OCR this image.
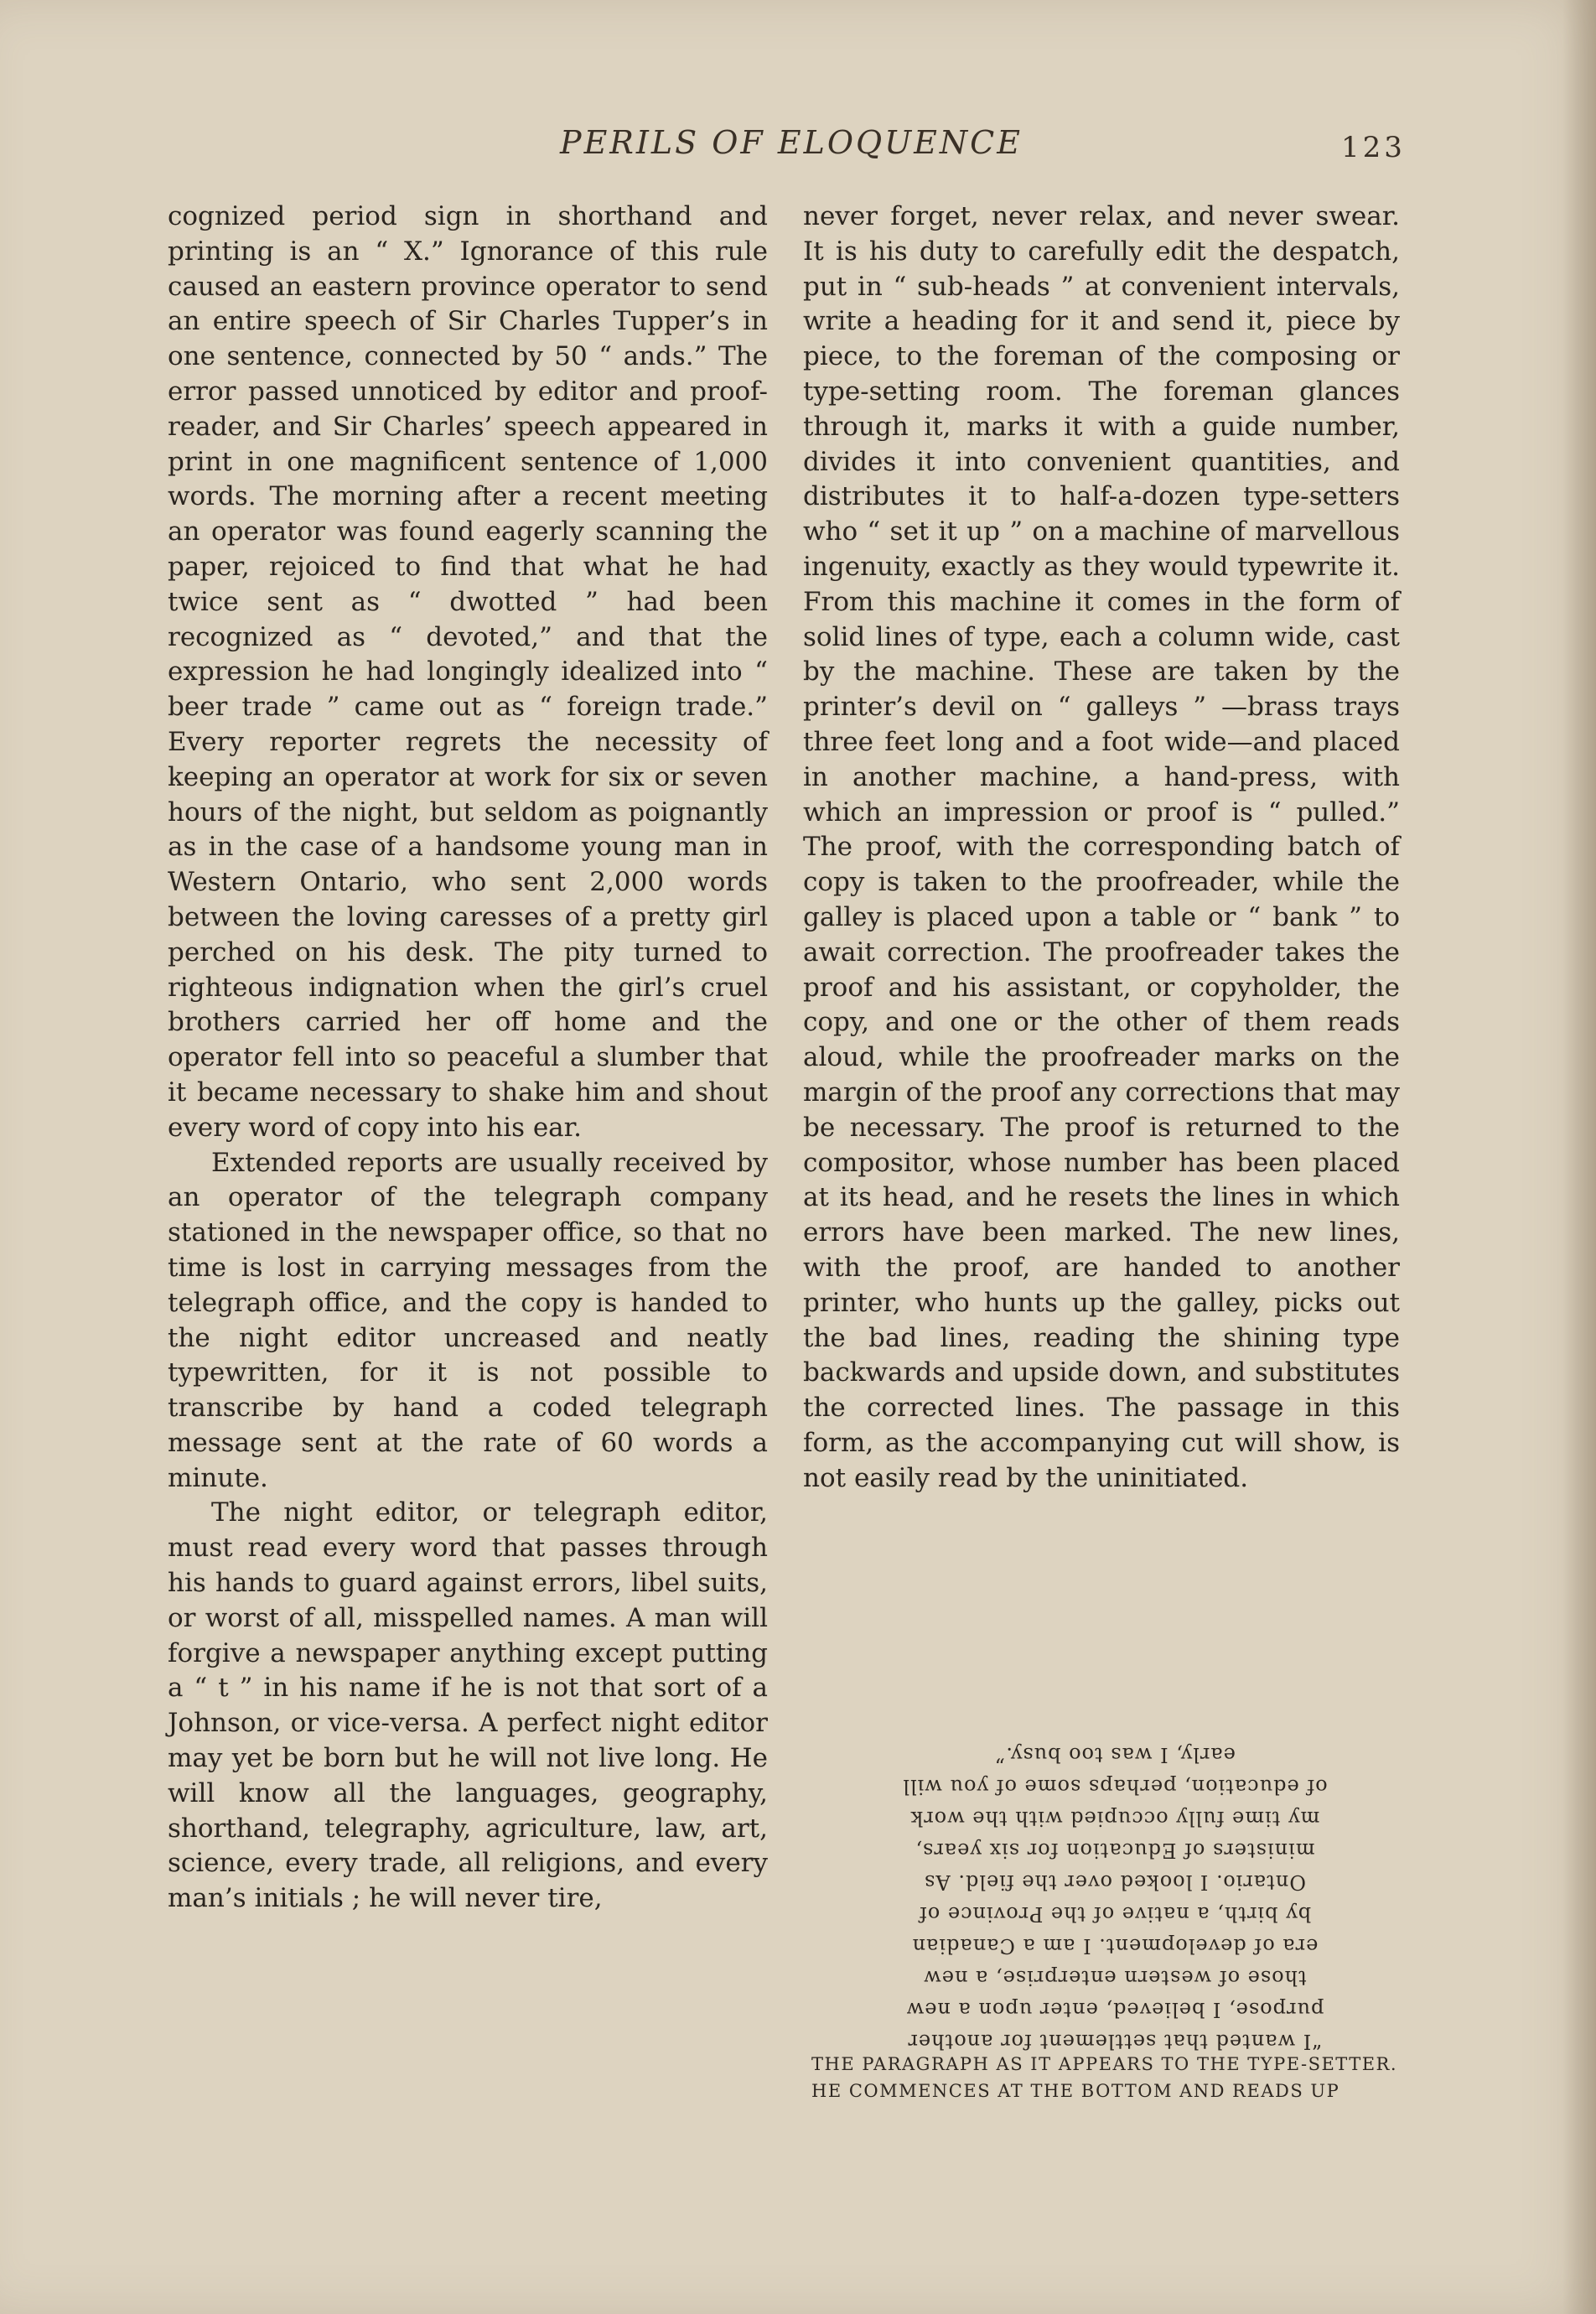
PERILS OF ELOQUENCE	123

cognized period sign in shorthand and printing is an “ X.” Ignorance of this rule caused an eastern province operator to send an entire speech of Sir Charles Tupper’s in one sentence, connected by 50 “ ands.” The error passed unnoticed by editor and proof-reader, and Sir Charles’ speech appeared in print in one magnificent sentence of 1,000 words. The morning after a recent meeting an operator was found eagerly scanning the paper, rejoiced to find that what he had twice sent as “ dwotted ” had been recognized as “ devoted,” and that the expression he had longingly idealized into “ beer trade ” came out as “ foreign trade.” Every reporter regrets the necessity of keeping an operator at work for six or seven hours of the night, but seldom as poignantly as in the case of a handsome young man in Western Ontario, who sent 2,000 words between the loving caresses of a pretty girl perched on his desk. The pity turned to righteous indignation when the girl’s cruel brothers carried her off home and the operator fell into so peaceful a slumber that it became necessary to shake him and shout every word of copy into his ear.

Extended reports are usually received by an operator of the telegraph company stationed in the newspaper office, so that no time is lost in carrying messages from the telegraph office, and the copy is handed to the night editor uncreased and neatly typewritten, for it is not possible to transcribe by hand a coded telegraph message sent at the rate of 60 words a minute.

The night editor, or telegraph editor, must read every word that passes through his hands to guard against errors, libel suits, or worst of all, misspelled names. A man will forgive a newspaper anything except putting a “ t ” in his name if he is not that sort of a Johnson, or vice-versa. A perfect night editor may yet be born but he will not live long. He will know all the languages, geography, shorthand, telegraphy, agriculture, law, art, science, every trade, all religions, and every man’s initials ; he will never tire,

never forget, never relax, and never swear. It is his duty to carefully edit the despatch, put in “ sub-heads ” at convenient intervals, write a heading for it and send it, piece by piece, to the foreman of the composing or type-setting room. The foreman glances through it, marks it with a guide number, divides it into convenient quantities, and distributes it to half-a-dozen type-setters who “ set it up ” on a machine of marvellous ingenuity, exactly as they would typewrite it. From this machine it comes in the form of solid lines of type, each a column wide, cast by the machine. These are taken by the printer’s devil on “ galleys ” —brass trays three feet long and a foot wide—and placed in another machine, a hand-press, with which an impression or proof is “ pulled.” The proof, with the corresponding batch of copy is taken to the proofreader, while the galley is placed upon a table or “ bank ” to await correction. The proofreader takes the proof and his assistant, or copyholder, the copy, and one or the other of them reads aloud, while the proofreader marks on the margin of the proof any corrections that may be necessary. The proof is returned to the compositor, whose number has been placed at its head, and he resets the lines in which errors have been marked. The new lines, with the proof, are handed to another printer, who hunts up the galley, picks out the bad lines, reading the shining type backwards and upside down, and substitutes the corrected lines. The passage in this form, as the accompanying cut will show, is not easily read by the uninitiated.

early, I was too busy.”
of education, perhaps some of you will
my time fully occupied with the work
ministers of Education for six years,
Ontario. I looked over the field. As
by birth, a native of the Province of
era of development. I am a Canadian
those of western enterprise, a new
purpose, I believed, enter upon a new
“I wanted that settlement for another
THE PARAGRAPH AS IT APPEARS TO THE TYPE-SETTER. HE COMMENCES AT THE BOTTOM AND READS UP
